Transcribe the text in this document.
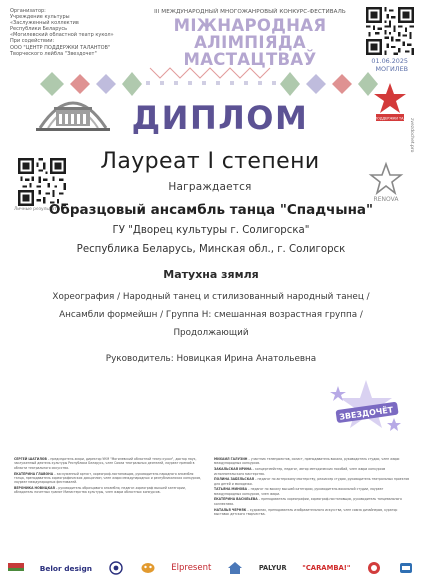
Организатор:
Учреждение культуры
«Заслуженный коллектив
Республики Беларусь
«Могилевский областной театр кукол»
При содействии:
ООО "ЦЕНТР ПОДДЕРЖКИ ТАЛАНТОВ"
Творческого лейбла "Звездочет"
III МЕЖДУНАРОДНЫЙ МНОГОЖАНРОВЫЙ КОНКУРС-ФЕСТИВАЛЬ
МІЖНАРОДНАЯ АЛІМПІЯДА
МАСТАЦТВАЎ	01.06.2025
МОГИЛЕВ
ДИПЛОМ	ЦЕНТР ПОДДЕРЖКИ ТАЛАНТОВ
zvezdochet.pro
Личные результаты
Лауреат I степени
Награждается
RENOVA
Образцовый ансамбль танца "Спадчына"
ГУ "Дворец культуры г. Солигорска"
Республика Беларусь, Минская обл., г. Солигорск
Матухна зямля
Хореография / Народный танец и стилизованный народный танец /
Ансамбли формейшн / Группа H: смешанная возрастная группа /
Продолжающий
Руководитель: Новицкая Ирина Анатольевна
ЗВЕЗДОЧЁТ

СЕРГЕЙ ШАТИЛОВ – председатель жюри, директор УКМ "Могилевский областной театр кукол", доктор наук, заслуженный деятель культуры Республики Беларусь, член Союза театральных деятелей, лауреат премий в области театрального искусства.

ЕКАТЕРИНА ГЛАВОНА – заслуженный артист, хореограф-постановщик, руководитель народного ансамбля танца, преподаватель хореографических дисциплин, член жюри международных и республиканских конкурсов, лауреат международных фестивалей.

ВЕРОНИКА НОВИЦКАЯ – руководитель образцового ансамбля, педагог-хореограф высшей категории, обладатель почетных грамот Министерства культуры, член жюри областных конкурсов.

МИХАИЛ ГАЛУЗИН – участник телепроектов, солист, преподаватель вокала, руководитель студии, член жюри международных конкурсов.

ЗАКАЛЬСКАЯ ИРИНА – концертмейстер, педагог, автор методических пособий, член жюри конкурсов исполнительского мастерства.

ПОЛИНА ЗАБЕЛЬСКАЯ – педагог по актерскому мастерству, режиссер студии, руководитель театральных проектов для детей и молодежи.

ТАТЬЯНА МИНОВА – педагог по вокалу высшей категории, руководитель вокальной студии, лауреат международных конкурсов, член жюри.

ЕКАТЕРИНА ВАСИЛЬЕВА – преподаватель хореографии, хореограф-постановщик, руководитель танцевального коллектива.

НАТАЛЬЯ ЧЕРНЯК – художник, преподаватель изобразительного искусства, член союза дизайнеров, куратор выставок детского творчества.

Belor design	Elpresent	PALYUR "CARAMBA!"
